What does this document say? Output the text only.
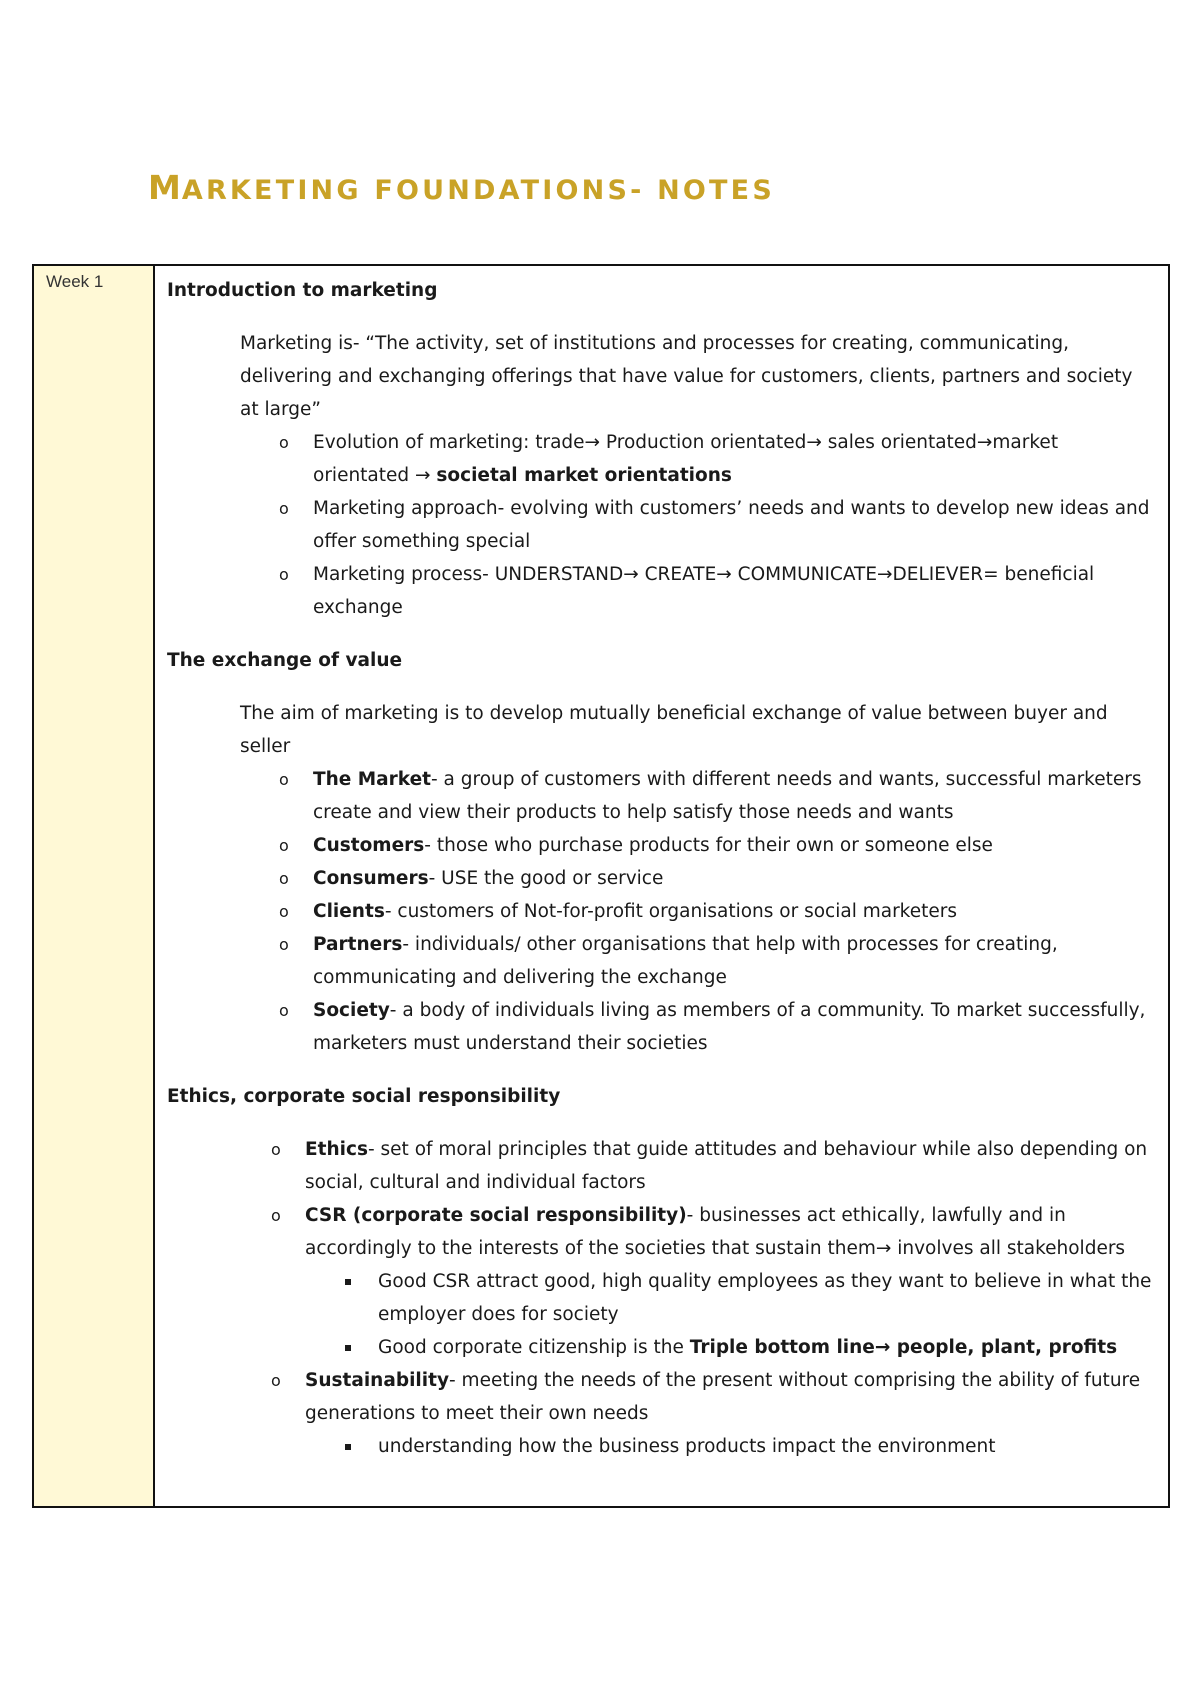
MARKETING FOUNDATIONS- NOTES
Week 1	Introduction to marketing

Marketing is- “The activity, set of institutions and processes for creating, communicating, delivering and exchanging offerings that have value for customers, clients, partners and society at large”

o Evolution of marketing: trade→ Production orientated→ sales orientated→market orientated → societal market orientations
o Marketing approach- evolving with customers’ needs and wants to develop new ideas and offer something special
o Marketing process- UNDERSTAND→ CREATE→ COMMUNICATE→DELIEVER= beneficial exchange

The exchange of value

The aim of marketing is to develop mutually beneficial exchange of value between buyer and seller

o The Market- a group of customers with different needs and wants, successful marketers create and view their products to help satisfy those needs and wants
o Customers- those who purchase products for their own or someone else
o Consumers- USE the good or service
o Clients- customers of Not-for-profit organisations or social marketers
o Partners- individuals/ other organisations that help with processes for creating, communicating and delivering the exchange
o Society- a body of individuals living as members of a community. To market successfully, marketers must understand their societies

Ethics, corporate social responsibility

o Ethics- set of moral principles that guide attitudes and behaviour while also depending on social, cultural and individual factors
o CSR (corporate social responsibility)- businesses act ethically, lawfully and in accordingly to the interests of the societies that sustain them→ involves all stakeholders
Good CSR attract good, high quality employees as they want to believe in what the employer does for society
Good corporate citizenship is the Triple bottom line→ people, plant, profits
o Sustainability- meeting the needs of the present without comprising the ability of future generations to meet their own needs
understanding how the business products impact the environment
